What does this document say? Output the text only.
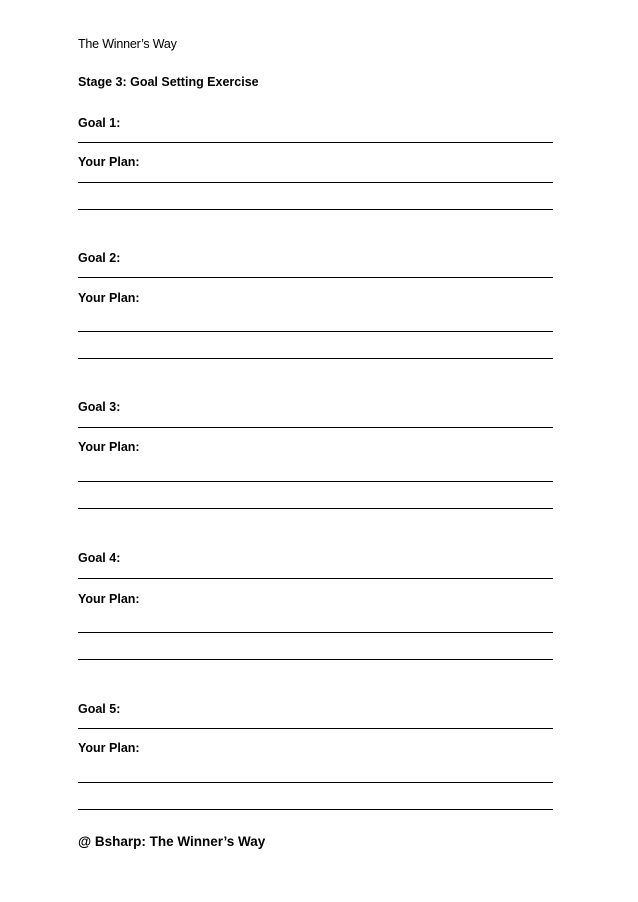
The Winner’s Way
Stage 3: Goal Setting Exercise
Goal 1:
Your Plan:
Goal 2:
Your Plan:
Goal 3:
Your Plan:
Goal 4:
Your Plan:
Goal 5:
Your Plan:
@ Bsharp: The Winner’s Way
